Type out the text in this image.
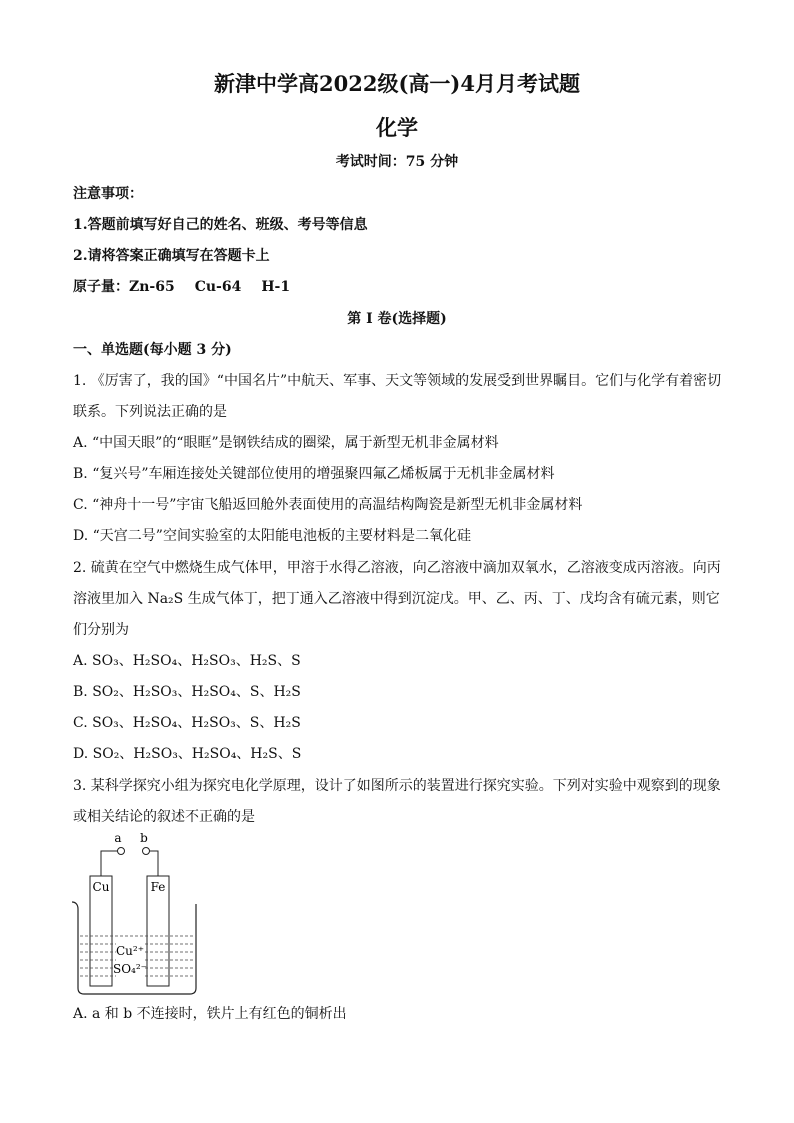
新津中学高2022级(高一)4月月考试题
化学
考试时间：75 分钟
注意事项：
1.答题前填写好自己的姓名、班级、考号等信息
2.请将答案正确填写在答题卡上
原子量：Zn-65 Cu-64 H-1
第 I 卷(选择题)
一、单选题(每小题 3 分)
1. 《厉害了，我的国》“中国名片”中航天、军事、天文等领域的发展受到世界瞩目。它们与化学有着密切
联系。下列说法正确的是
A. “中国天眼”的“眼眶”是钢铁结成的圈梁，属于新型无机非金属材料
B. “复兴号”车厢连接处关键部位使用的增强聚四氟乙烯板属于无机非金属材料
C. “神舟十一号”宇宙飞船返回舱外表面使用的高温结构陶瓷是新型无机非金属材料
D. “天宫二号”空间实验室的太阳能电池板的主要材料是二氧化硅
2. 硫黄在空气中燃烧生成气体甲，甲溶于水得乙溶液，向乙溶液中滴加双氧水，乙溶液变成丙溶液。向丙
溶液里加入 Na₂S 生成气体丁，把丁通入乙溶液中得到沉淀戊。甲、乙、丙、丁、戊均含有硫元素，则它
们分别为
A. SO₃、H₂SO₄、H₂SO₃、H₂S、S
B. SO₂、H₂SO₃、H₂SO₄、S、H₂S
C. SO₃、H₂SO₄、H₂SO₃、S、H₂S
D. SO₂、H₂SO₃、H₂SO₄、H₂S、S
3. 某科学探究小组为探究电化学原理，设计了如图所示的装置进行探究实验。下列对实验中观察到的现象
或相关结论的叙述不正确的是
a b
Cu	Fe
Cu²⁺
SO₄²⁻
A. a 和 b 不连接时，铁片上有红色的铜析出
